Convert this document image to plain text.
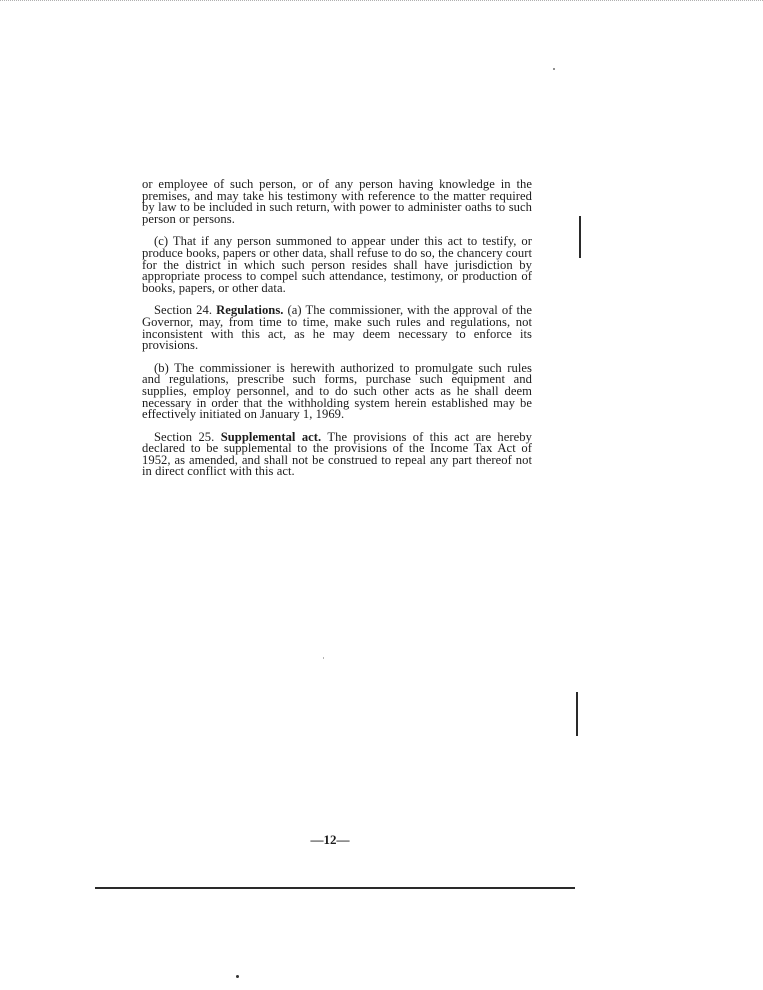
or employee of such person, or of any person having knowledge in the premises, and may take his testimony with reference to the matter required by law to be included in such return, with power to administer oaths to such person or persons.

(c) That if any person summoned to appear under this act to testify, or produce books, papers or other data, shall refuse to do so, the chancery court for the district in which such person resides shall have jurisdiction by appropriate process to compel such attendance, testimony, or production of books, papers, or other data.

Section 24. Regulations. (a) The commissioner, with the approval of the Governor, may, from time to time, make such rules and regulations, not inconsistent with this act, as he may deem necessary to enforce its provisions.

(b) The commissioner is herewith authorized to promulgate such rules and regulations, prescribe such forms, purchase such equipment and supplies, employ personnel, and to do such other acts as he shall deem necessary in order that the withholding system herein established may be effectively initiated on January 1, 1969.

Section 25. Supplemental act. The provisions of this act are hereby declared to be supplemental to the provisions of the Income Tax Act of 1952, as amended, and shall not be construed to repeal any part thereof not in direct conflict with this act.

—12—
